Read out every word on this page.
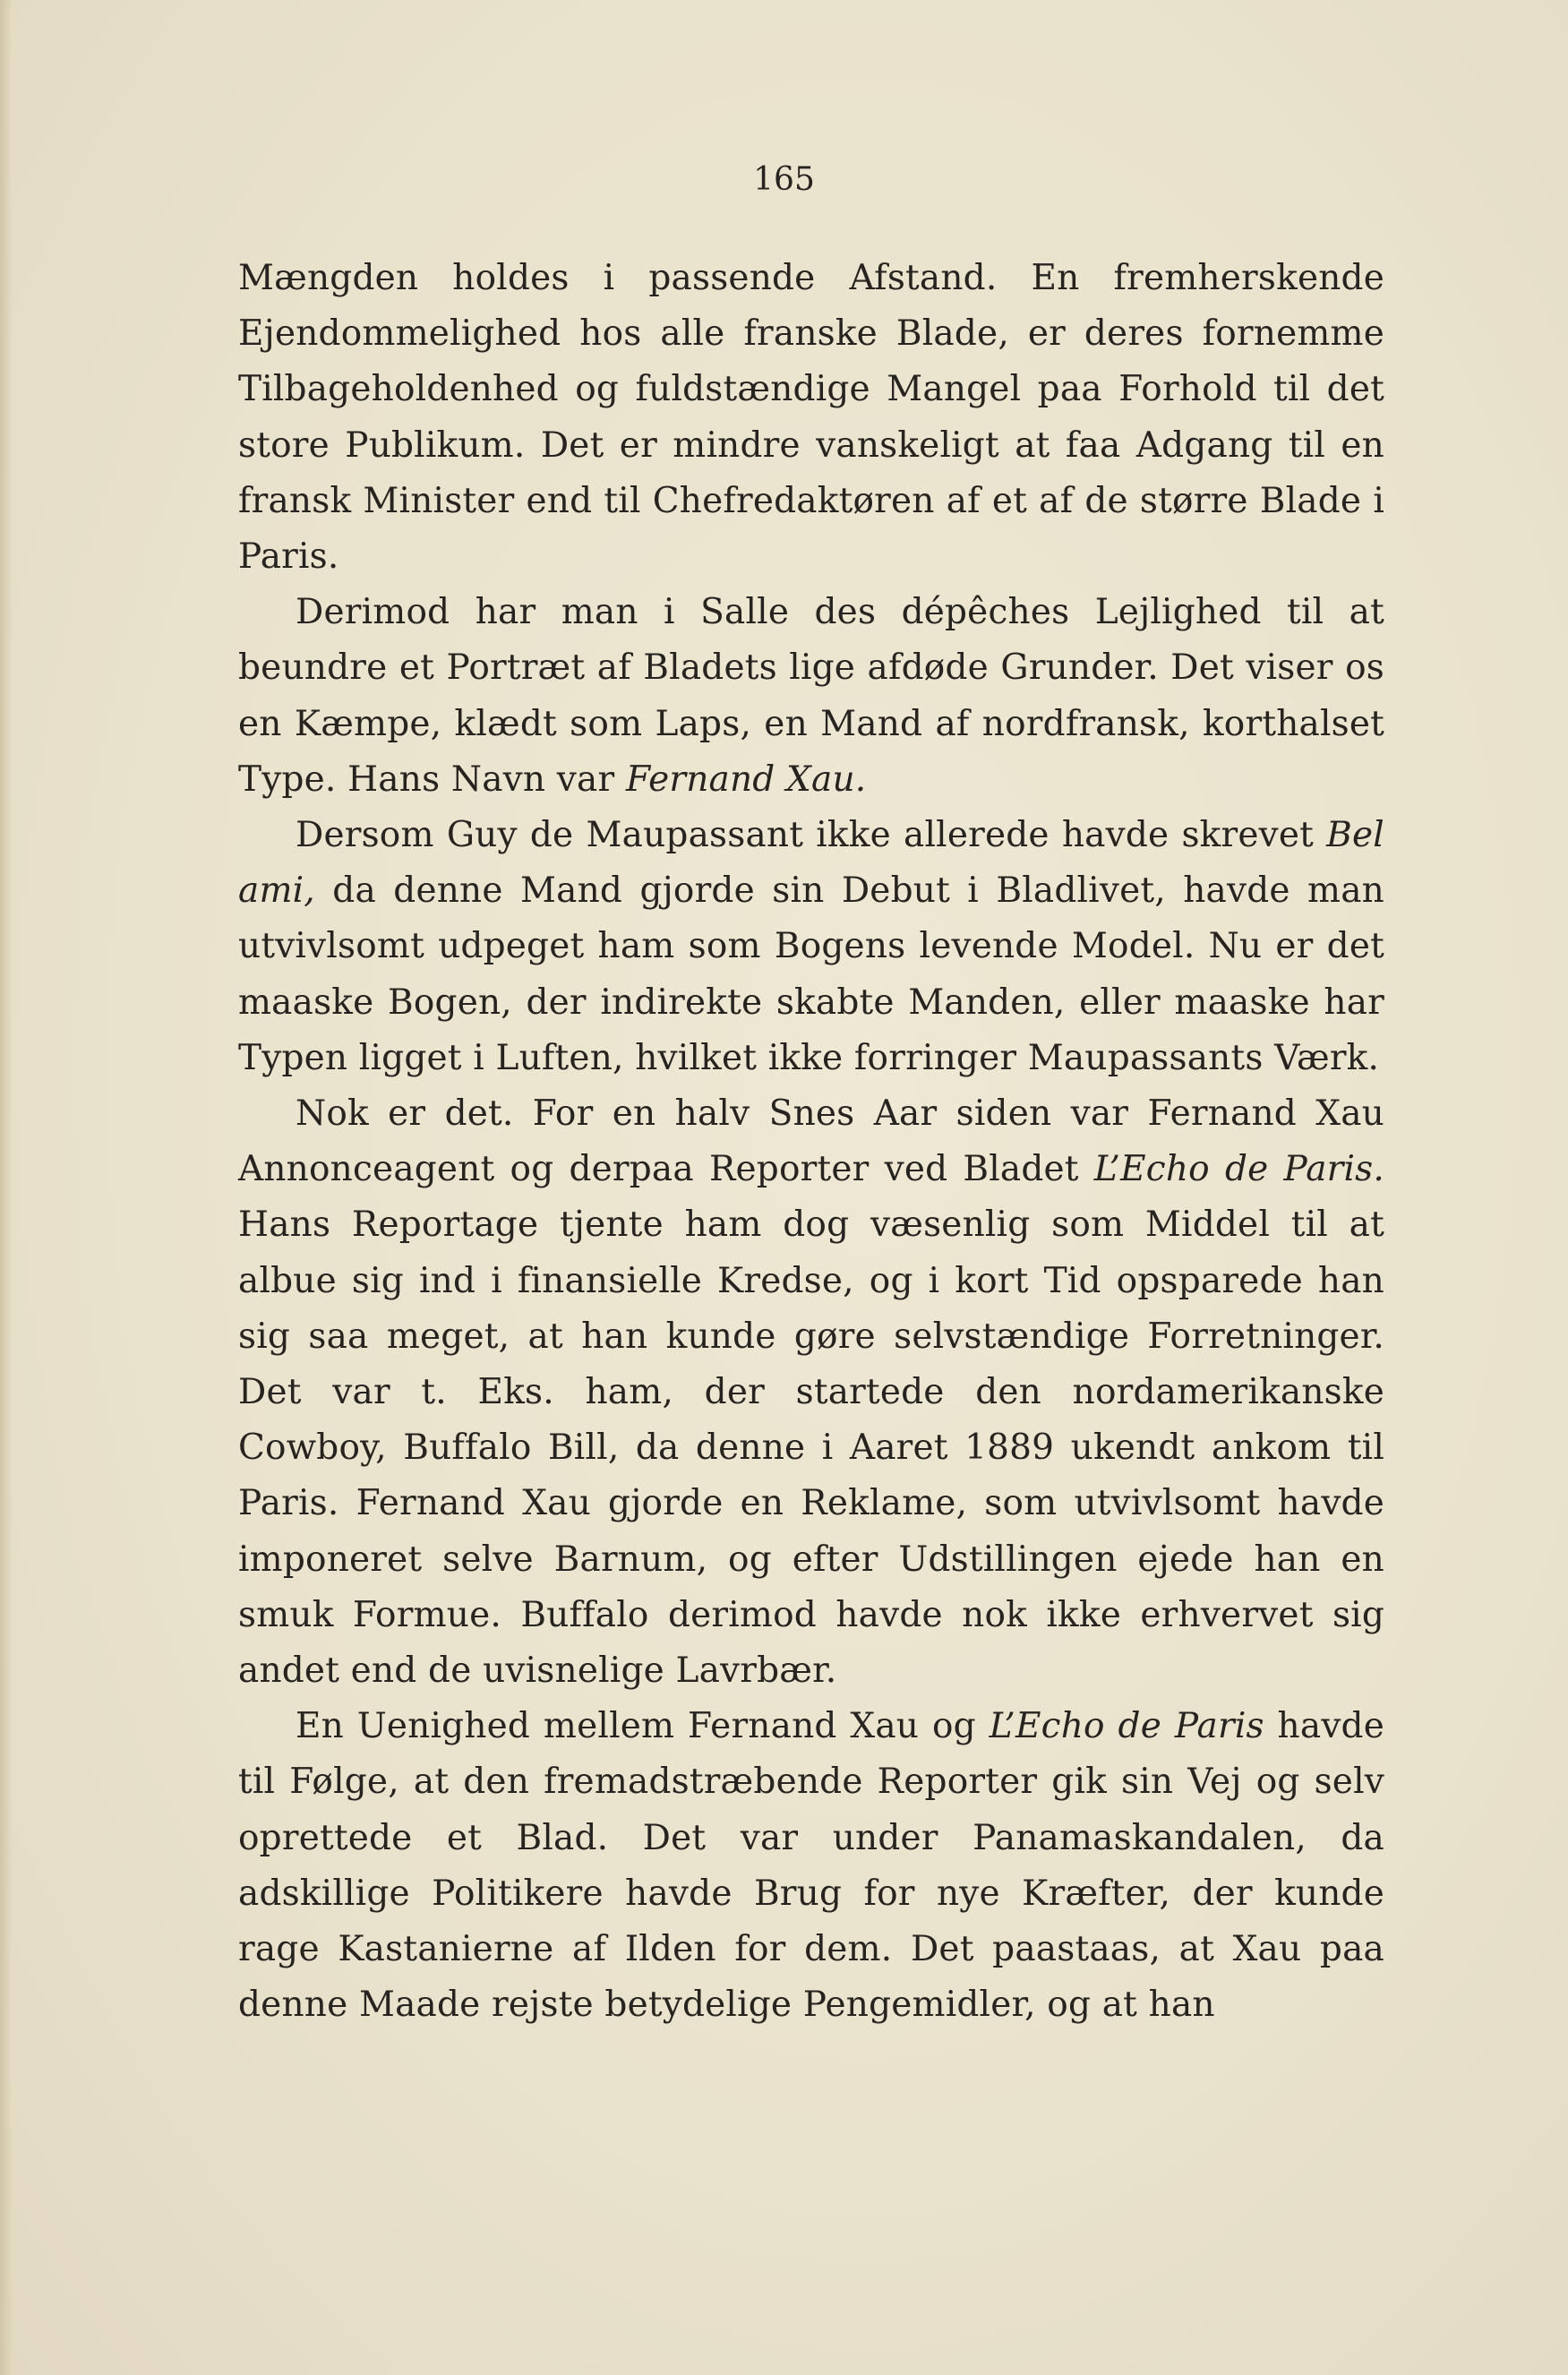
165

Mængden holdes i passende Afstand. En fremherskende Ejendommelighed hos alle franske Blade, er deres fornemme Tilbageholdenhed og fuldstændige Mangel paa Forhold til det store Publikum. Det er mindre vanskeligt at faa Adgang til en fransk Minister end til Chefredaktøren af et af de større Blade i Paris.

Derimod har man i Salle des dépêches Lejlighed til at beundre et Portræt af Bladets lige afdøde Grunder. Det viser os en Kæmpe, klædt som Laps, en Mand af nordfransk, korthalset Type. Hans Navn var Fernand Xau.

Dersom Guy de Maupassant ikke allerede havde skrevet Bel ami, da denne Mand gjorde sin Debut i Bladlivet, havde man utvivlsomt udpeget ham som Bogens levende Model. Nu er det maaske Bogen, der indirekte skabte Manden, eller maaske har Typen ligget i Luften, hvilket ikke forringer Maupassants Værk.

Nok er det. For en halv Snes Aar siden var Fernand Xau Annonceagent og derpaa Reporter ved Bladet L’Echo de Paris. Hans Reportage tjente ham dog væsenlig som Middel til at albue sig ind i finansielle Kredse, og i kort Tid opsparede han sig saa meget, at han kunde gøre selvstændige Forretninger. Det var t. Eks. ham, der startede den nordamerikanske Cowboy, Buffalo Bill, da denne i Aaret 1889 ukendt ankom til Paris. Fernand Xau gjorde en Reklame, som utvivlsomt havde imponeret selve Barnum, og efter Udstillingen ejede han en smuk Formue. Buffalo derimod havde nok ikke erhvervet sig andet end de uvisnelige Lavrbær.

En Uenighed mellem Fernand Xau og L’Echo de Paris havde til Følge, at den fremadstræbende Reporter gik sin Vej og selv oprettede et Blad. Det var under Panamaskandalen, da adskillige Politikere havde Brug for nye Kræfter, der kunde rage Kastanierne af Ilden for dem. Det paastaas, at Xau paa denne Maade rejste betydelige Pengemidler, og at han
